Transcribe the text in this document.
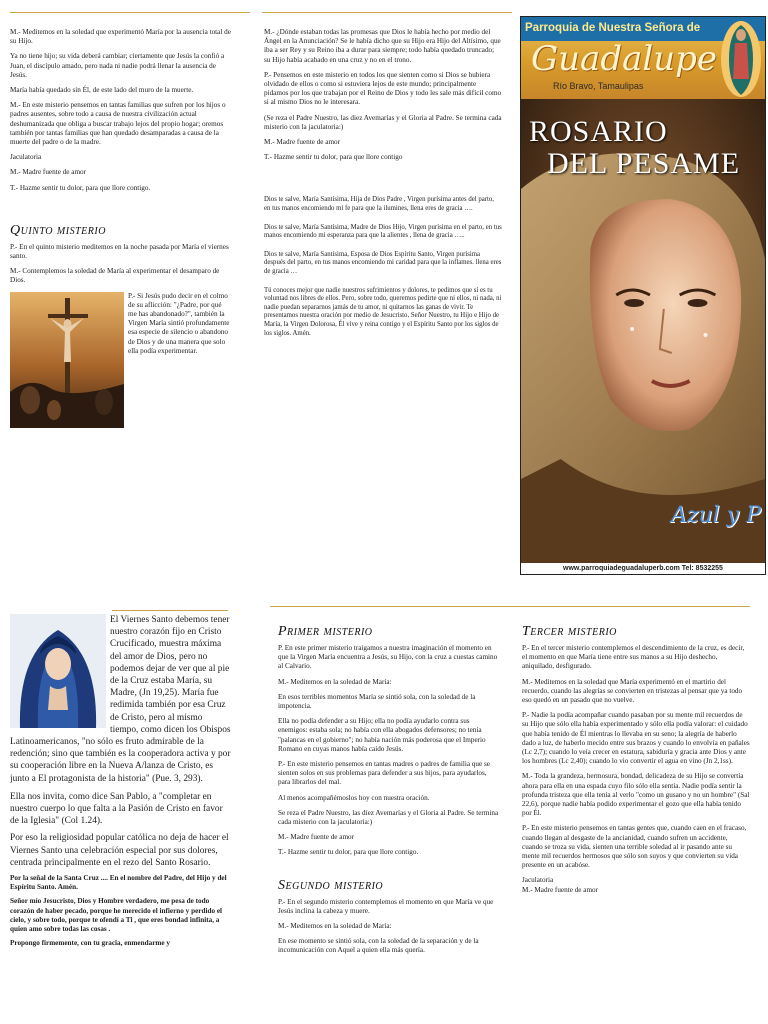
M.- Meditemos en la soledad que experimentó María por la ausencia total de su Hijo.

Ya no tiene hijo; su vida deberá cambiar; ciertamente que Jesús la confió a Juan, el discípulo amado, pero nada ni nadie podrá llenar la ausencia de Jesús.

María había quedado sin Él, de este lado del muro de la muerte.

M.- En este misterio pensemos en tantas familias que sufren por los hijos o padres ausentes, sobre todo a causa de nuestra civilización actual deshumanizada que obliga a buscar trabajo lejos del propio hogar; oremos también por tantas familias que han quedado desamparadas a causa de la muerte del padre o de la madre.

Jaculatoria

M.- Madre fuente de amor

T.- Hazme sentir tu dolor, para que llore contigo.

Quinto misterio

P.- En el quinto misterio meditemos en la noche pasada por María el viernes santo.

M.- Contemplemos la soledad de María al experimentar el desamparo de Dios.

P.- Si Jesús pudo decir en el colmo de su aflicción: "¿Padre, por qué me has abandonado?", también la Virgen María sintió profundamente esa especie de silencio o abandono de Dios y de una manera que solo ella podía experimentar.

M.- ¿Dónde estaban todas las promesas que Dios le había hecho por medio del Ángel en la Anunciación? Se le había dicho que su Hijo era Hijo del Altísimo, que iba a ser Rey y su Reino iba a durar para siempre; todo había quedado truncado; su Hijo había acabado en una cruz y no en el trono.

P.- Pensemos en este misterio en todos los que sienten como si Dios se hubiera olvidado de ellos o como si estuviera lejos de este mundo; principalmente pidamos por los que trabajan por el Reino de Dios y todo les sale más difícil como si al mismo Dios no le interesara.

(Se reza el Padre Nuestro, las diez Avemarías y el Gloria al Padre. Se termina cada misterio con la jaculatoria:)

M.- Madre fuente de amor

T.- Hazme sentir tu dolor, para que llore contigo

Dios te salve, María Santísima, Hija de Dios Padre , Virgen purísima antes del parto, en tus manos encomiendo mi fe para que la ilumines, llena eres de gracia ….

Dios te salve, María Santísima, Madre de Dios Hijo, Virgen purísima en el parto, en tus manos encomiendo mi esperanza para que la alientes , llena de gracia …..

Dios te salve, María Santísima, Esposa de Dios Espíritu Santo, Virgen purísima después del parto, en tus manos encomiendo mi caridad para que la inflames. llena eres de gracia …

Tú conoces mejor que nadie nuestros sufrimientos y dolores, te pedimos que sí es tu voluntad nos libres de ellos. Pero, sobre todo, queremos pedirte que ni ellos, ni nada, ni nadie puedan separarnos jamás de tu amor, ni quitarnos las ganas de vivir. Te presentamos nuestra oración por medio de Jesucristo, Señor Nuestro, tu Hijo e Hijo de María, la Virgen Dolorosa, Él vive y reina contigo y el Espíritu Santo por los siglos de los siglos. Amén.

Parroquia de Nuestra Señora de
Guadalupe
Río Bravo, Tamaulipas
ROSARIO
DEL PESAME
Azul y P
www.parroquiadeguadaluperb.com Tel: 8532255
El Viernes Santo debemos tener nuestro corazón fijo en Cristo Crucificado, muestra máxima del amor de Dios, pero no podemos dejar de ver que al pie de la Cruz estaba María, su Madre, (Jn 19,25). María fue redimida también por esa Cruz de Cristo, pero al mismo tiempo, como dicen los Obispos Latinoamericanos, "no sólo es fruto admirable de la redención; sino que también es la cooperadora activa y por su cooperación libre en la Nueva A/lanza de Cristo, es junto a El protagonista de la historia" (Pue. 3, 293).

Ella nos invita, como dice San Pablo, a "completar en nuestro cuerpo lo que falta a la Pasión de Cristo en favor de la Iglesia" (Col 1.24).

Por eso la religiosidad popular católica no deja de hacer el Viernes Santo una celebración especial por sus dolores, centrada principalmente en el rezo del Santo Rosario.

Por la señal de la Santa Cruz .... En el nombre del Padre, del Hijo y del Espíritu Santo. Amén.

Señor mío Jesucristo, Dios y Hombre verdadero, me pesa de todo corazón de haber pecado, porque he merecido el infierno y perdido el cielo, y sobre todo, porque te ofendí a Ti , que eres bondad infinita, a quien amo sobre todas las cosas .

Propongo firmemente, con tu gracia, enmendarme y

Primer misterio

P. En este primer misterio traigamos a nuestra imaginación el momento en que la Virgen María encuentra a Jesús, su Hijo, con la cruz a cuestas camino al Calvario.

M.- Meditemos en la soledad de María:

En esos terribles momentos María se sintió sola, con la soledad de la impotencia.

Ella no podía defender a su Hijo; ella no podía ayudarlo contra sus enemigos: estaba sola; no había con ella abogados defensores; no tenía "palancas en el gobierno"; no había nación más poderosa que el Imperio Romano en cuyas manos había caído Jesús.

P.- En este misterio pensemos en tantas madres o padres de familia que se sienten solos en sus problemas para defender a sus hijos, para ayudarlos, para librarlos del mal.

Al menos acompañémoslos hoy con nuestra oración.

Se reza el Padre Nuestro, las diez Avemarías y el Gloria al Padre. Se termina cada misterio con la jaculatoria:)

M.- Madre fuente de amor

T.- Hazme sentir tu dolor, para que llore contigo.

Segundo misterio

P.- En el segundo misterio contemplemos el momento en que María ve que Jesús inclina la cabeza y muere.

M.- Meditemos en la soledad de María:

En ese momento se sintió sola, con la soledad de la separación y de la incomunicación con Aquel a quien ella más quería.

Tercer misterio

P.- En el tercer misterio contemplemos el descendimiento de la cruz, es decir, el momento en que María tiene entre sus manos a su Hijo deshecho, aniquilado, desfigurado.

M.- Meditemos en la soledad que María experimentó en el martirio del recuerdo, cuando las alegrías se convierten en tristezas al pensar que ya todo eso quedó en un pasado que no vuelve.

P.- Nadie la podía acompañar cuando pasaban por su mente mil recuerdos de su Hijo que sólo ella había experimentado y sólo ella podía valorar: el cuidado que había tenido de Él mientras lo llevaba en su seno; la alegría de haberlo dado a luz, de haberlo mecido entre sus brazos y cuando lo envolvía en pañales (Lc 2,7); cuando lo veía crecer en estatura, sabiduría y gracia ante Dios y ante los hombres (Lc 2,40); cuando lo vio convertir el agua en vino (Jn 2,1ss).

M.- Toda la grandeza, hermosura, bondad, delicadeza de su Hijo se convertía ahora para ella en una espada cuyo filo sólo ella sentía. Nadie podía sentir la profunda tristeza que ella tenía al verlo "como un gusano y no un hombre" (Sal 22,6), porque nadie había podido experimentar el gozo que ella había tenido por Él.

P.- En este misterio pensemos en tantas gentes que, cuando caen en el fracaso, cuando llegan al desgaste de la ancianidad, cuando sufren un accidente, cuando se troza su vida, sienten una terrible soledad al ir pasando ante su mente mil recuerdos hermosos que sólo son suyos y que convierten su vida presente en un acabóse.

Jaculatoria

M.- Madre fuente de amor
